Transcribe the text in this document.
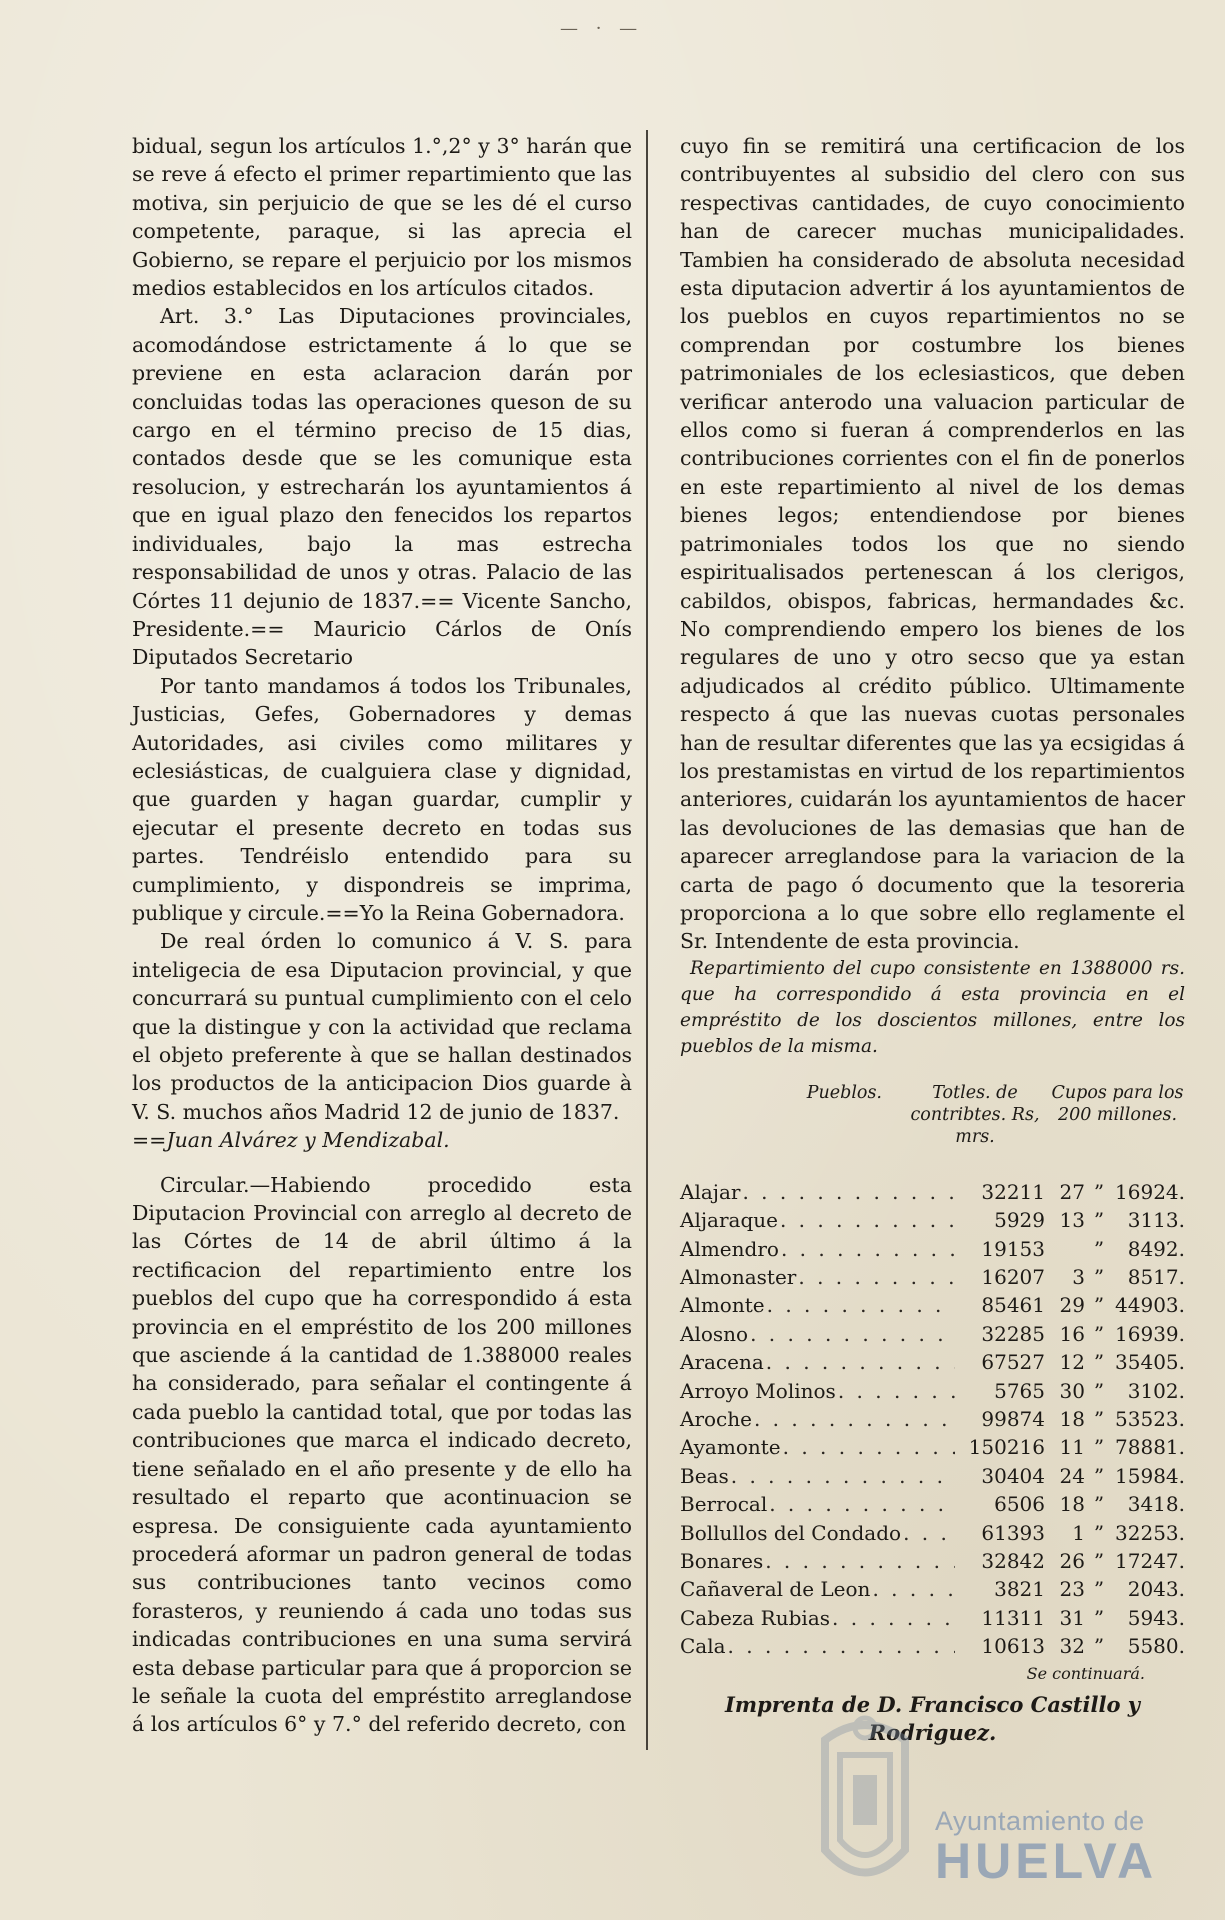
— · —

bidual, segun los artículos 1.°,2° y 3° harán que se reve á efecto el primer repartimiento que las motiva, sin perjuicio de que se les dé el curso competente, paraque, si las aprecia el Gobierno, se repare el perjuicio por los mismos medios establecidos en los artículos citados.

Art. 3.° Las Diputaciones provinciales, acomodándose estrictamente á lo que se previene en esta aclaracion darán por concluidas todas las operaciones queson de su cargo en el término preciso de 15 dias, contados desde que se les comunique esta resolucion, y estrecharán los ayuntamientos á que en igual plazo den fenecidos los repartos individuales, bajo la mas estrecha responsabilidad de unos y otras. Palacio de las Córtes 11 dejunio de 1837.== Vicente Sancho, Presidente.== Mauricio Cárlos de Onís Diputados Secretario

Por tanto mandamos á todos los Tribunales, Justicias, Gefes, Gobernadores y demas Autoridades, asi civiles como militares y eclesiásticas, de cualguiera clase y dignidad, que guarden y hagan guardar, cumplir y ejecutar el presente decreto en todas sus partes. Tendréislo entendido para su cumplimiento, y dispondreis se imprima, publique y circule.==Yo la Reina Gobernadora.

De real órden lo comunico á V. S. para inteligecia de esa Diputacion provincial, y que concurrará su puntual cumplimiento con el celo que la distingue y con la actividad que reclama el objeto preferente à que se hallan destinados los productos de la anticipacion Dios guarde à V. S. muchos años Madrid 12 de junio de 1837.

==Juan Alvárez y Mendizabal.

Circular.—Habiendo procedido esta Diputacion Provincial con arreglo al decreto de las Córtes de 14 de abril último á la rectificacion del repartimiento entre los pueblos del cupo que ha correspondido á esta provincia en el empréstito de los 200 millones que asciende á la cantidad de 1.388000 reales ha considerado, para señalar el contingente á cada pueblo la cantidad total, que por todas las contribuciones que marca el indicado decreto, tiene señalado en el año presente y de ello ha resultado el reparto que acontinuacion se espresa. De consiguiente cada ayuntamiento procederá aformar un padron general de todas sus contribuciones tanto vecinos como forasteros, y reuniendo á cada uno todas sus indicadas contribuciones en una suma servirá esta debase particular para que á proporcion se le señale la cuota del empréstito arreglandose á los artículos 6° y 7.° del referido decreto, con

cuyo fin se remitirá una certificacion de los contribuyentes al subsidio del clero con sus respectivas cantidades, de cuyo conocimiento han de carecer muchas municipalidades. Tambien ha considerado de absoluta necesidad esta diputacion advertir á los ayuntamientos de los pueblos en cuyos repartimientos no se comprendan por costumbre los bienes patrimoniales de los eclesiasticos, que deben verificar anterodo una valuacion particular de ellos como si fueran á comprenderlos en las contribuciones corrientes con el fin de ponerlos en este repartimiento al nivel de los demas bienes legos; entendiendose por bienes patrimoniales todos los que no siendo espiritualisados pertenescan á los clerigos, cabildos, obispos, fabricas, hermandades &c. No comprendiendo empero los bienes de los regulares de uno y otro secso que ya estan adjudicados al crédito público. Ultimamente respecto á que las nuevas cuotas personales han de resultar diferentes que las ya ecsigidas á los prestamistas en virtud de los repartimientos anteriores, cuidarán los ayuntamientos de hacer las devoluciones de las demasias que han de aparecer arreglandose para la variacion de la carta de pago ó documento que la tesoreria proporciona a lo que sobre ello reglamente el Sr. Intendente de esta provincia.

Repartimiento del cupo consistente en 1388000 rs. que ha correspondido á esta provincia en el empréstito de los doscientos millones, entre los pueblos de la misma.

Pueblos.	Totles. de contribtes. Rs, mrs.
Cupos para los 200 millones.
Alajar . . .	32211 27 ” 16924.
Aljaraque . . .	5929 13 ”	3113.
Almendro . . .	19153	”	8492.
Almonaster . . .	16207	3 ”	8517.
Almonte . . .	85461 29 ” 44903.
Alosno . . .	32285 16 ” 16939.
Aracena . . .	67527 12 ” 35405.
Arroyo Molinos . . .	5765 30 ”	3102.
Aroche . . .	99874 18 ” 53523.
Ayamonte . . .	150216 11 ” 78881.
Beas . . .	30404 24 ” 15984.
Berrocal . . .	6506 18 ”	3418.
Bollullos del Condado . . .	61393	1 ” 32253.
Bonares . . .	32842 26 ” 17247.
Cañaveral de Leon . . .	3821 23 ”	2043.
Cabeza Rubias . . .	11311 31 ”	5943.
Cala . . .	10613 32 ”	5580.
Se continuará.
Imprenta de D. Francisco Castillo y Rodriguez.
Ayuntamiento de
HUELVA
